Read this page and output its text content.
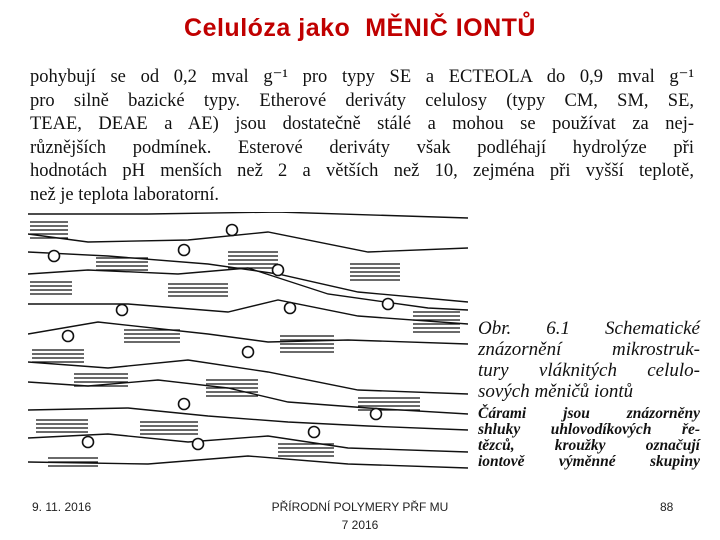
Celulóza jako  MĚNIČ IONTŮ
pohybují se od 0,2 mval g⁻¹ pro typy SE a ECTEOLA do 0,9 mval g⁻¹
pro silně bazické typy. Etherové deriváty celulosy (typy CM, SM, SE,
TEAE, DEAE a AE) jsou dostatečně stálé a mohou se používat za nej-
různějších podmínek. Esterové deriváty však podléhají hydrolýze při
hodnotách pH menších než 2 a větších než 10, zejména při vyšší teplotě,
než je teplota laboratorní.
Obr. 6.1 Schematické
znázornění mikrostruk-
tury vláknitých celulo-
sových měničů iontů
Čárami jsou znázorněny
shluky uhlovodíkových ře-
tězců, kroužky označují
iontově výměnné skupiny
9. 11. 2016	PŘÍRODNÍ POLYMERY PŘF MU
7 2016
88
